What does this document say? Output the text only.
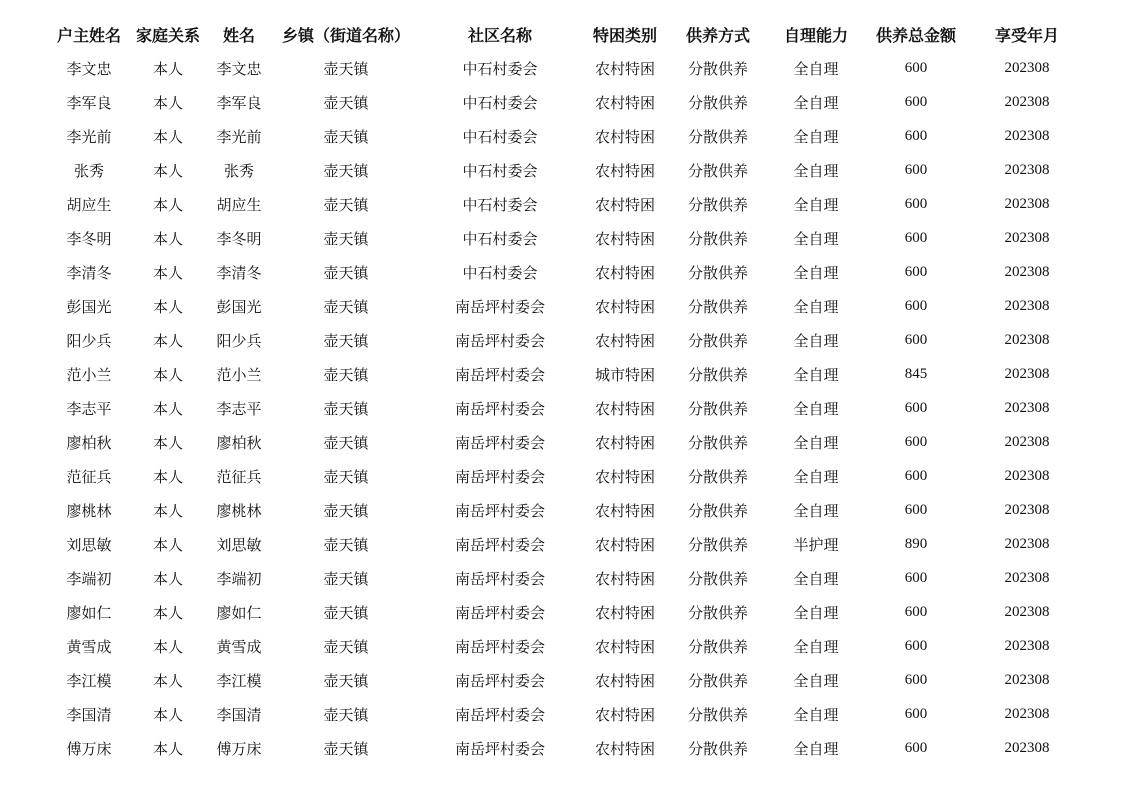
户主姓名	家庭关系	姓名	乡镇（街道名称）	社区名称	特困类别	供养方式	自理能力	供养总金额	享受年月
李文忠	本人	李文忠	壶天镇	中石村委会	农村特困	分散供养	全自理	600	202308
李军良	本人	李军良	壶天镇	中石村委会	农村特困	分散供养	全自理	600	202308
李光前	本人	李光前	壶天镇	中石村委会	农村特困	分散供养	全自理	600	202308
张秀	本人	张秀	壶天镇	中石村委会	农村特困	分散供养	全自理	600	202308
胡应生	本人	胡应生	壶天镇	中石村委会	农村特困	分散供养	全自理	600	202308
李冬明	本人	李冬明	壶天镇	中石村委会	农村特困	分散供养	全自理	600	202308
李清冬	本人	李清冬	壶天镇	中石村委会	农村特困	分散供养	全自理	600	202308
彭国光	本人	彭国光	壶天镇	南岳坪村委会	农村特困	分散供养	全自理	600	202308
阳少兵	本人	阳少兵	壶天镇	南岳坪村委会	农村特困	分散供养	全自理	600	202308
范小兰	本人	范小兰	壶天镇	南岳坪村委会	城市特困	分散供养	全自理	845	202308
李志平	本人	李志平	壶天镇	南岳坪村委会	农村特困	分散供养	全自理	600	202308
廖柏秋	本人	廖柏秋	壶天镇	南岳坪村委会	农村特困	分散供养	全自理	600	202308
范征兵	本人	范征兵	壶天镇	南岳坪村委会	农村特困	分散供养	全自理	600	202308
廖桃林	本人	廖桃林	壶天镇	南岳坪村委会	农村特困	分散供养	全自理	600	202308
刘思敏	本人	刘思敏	壶天镇	南岳坪村委会	农村特困	分散供养	半护理	890	202308
李端初	本人	李端初	壶天镇	南岳坪村委会	农村特困	分散供养	全自理	600	202308
廖如仁	本人	廖如仁	壶天镇	南岳坪村委会	农村特困	分散供养	全自理	600	202308
黄雪成	本人	黄雪成	壶天镇	南岳坪村委会	农村特困	分散供养	全自理	600	202308
李江模	本人	李江模	壶天镇	南岳坪村委会	农村特困	分散供养	全自理	600	202308
李国清	本人	李国清	壶天镇	南岳坪村委会	农村特困	分散供养	全自理	600	202308
傅万床	本人	傅万床	壶天镇	南岳坪村委会	农村特困	分散供养	全自理	600	202308
